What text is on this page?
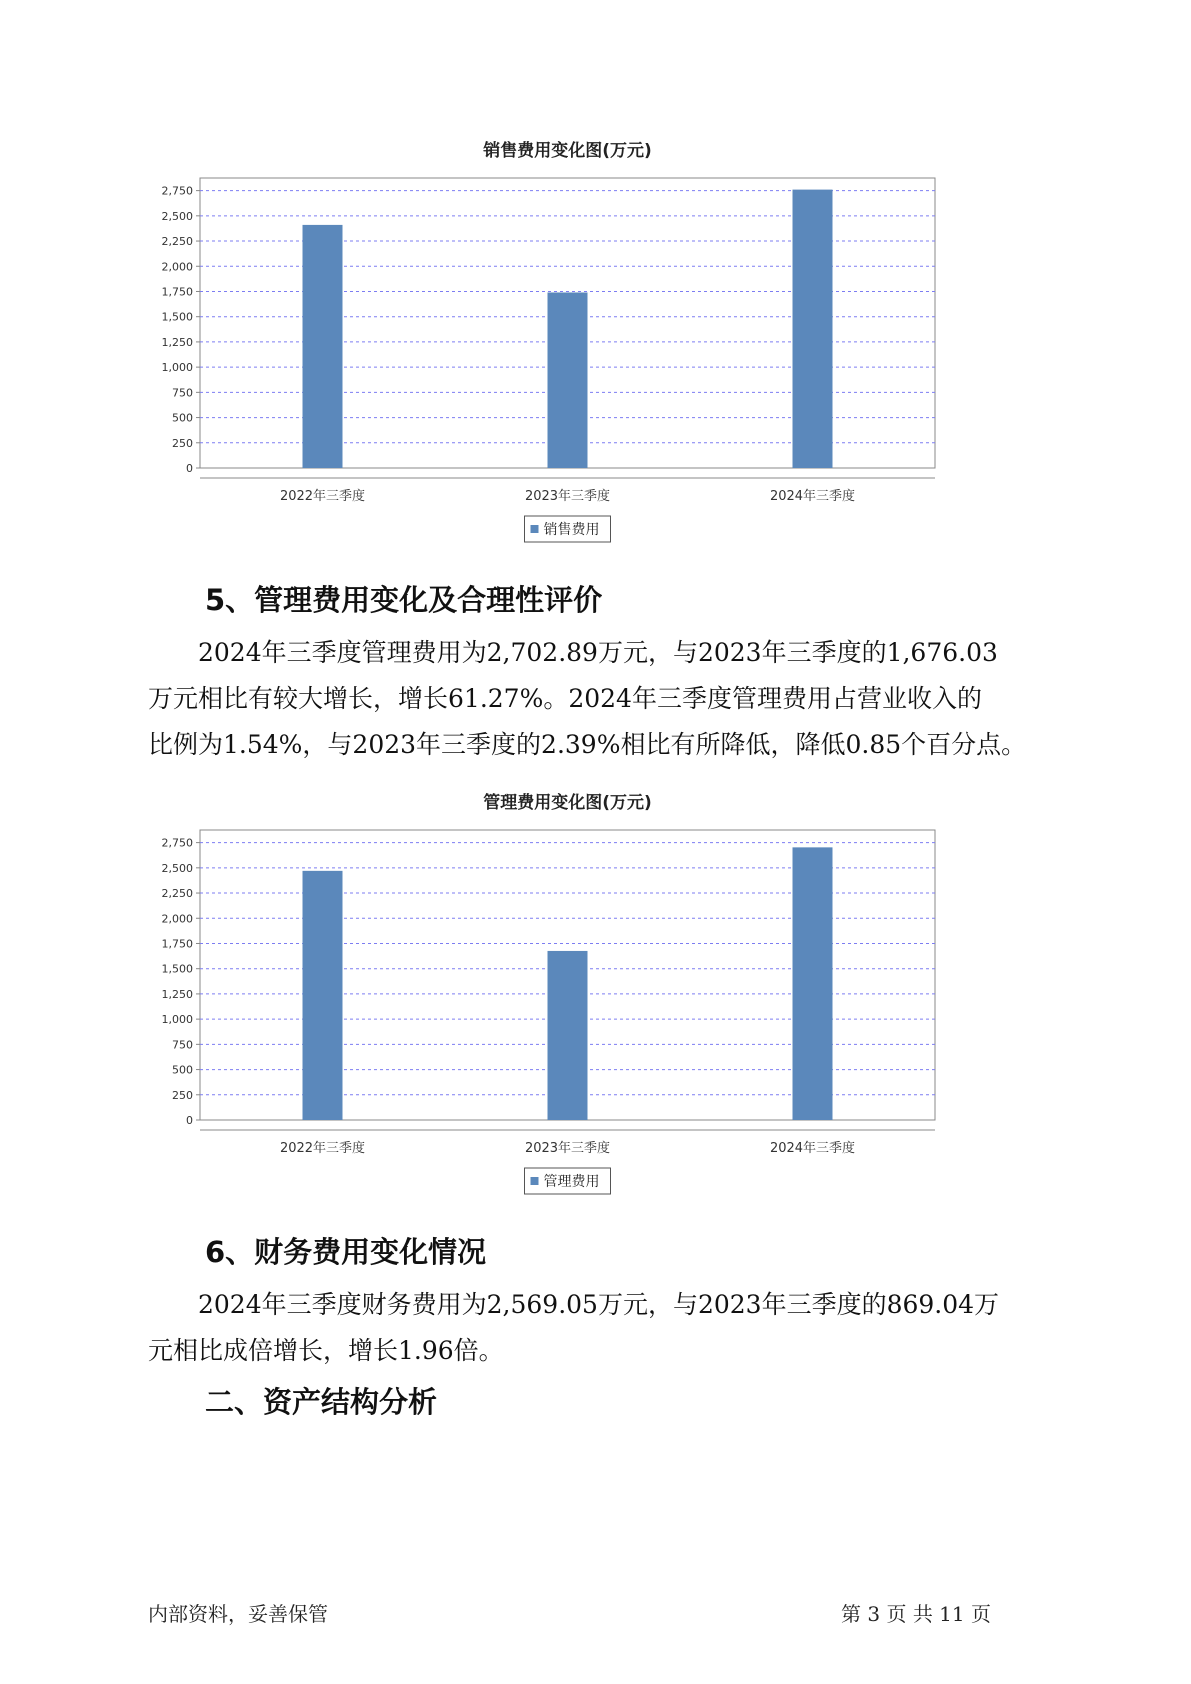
销售费用变化图(万元)
0
250
500
750
1,000
1,250
1,500
1,750
2,000
2,250
2,500
2,750
2022年三季度	2023年三季度	2024年三季度
销售费用
5、管理费用变化及合理性评价
2024年三季度管理费用为2,702.89万元，与2023年三季度的1,676.03
万元相比有较大增长，增长61.27%。2024年三季度管理费用占营业收入的
比例为1.54%，与2023年三季度的2.39%相比有所降低，降低0.85个百分点。
管理费用变化图(万元)
0
250
500
750
1,000
1,250
1,500
1,750
2,000
2,250
2,500
2,750
2022年三季度	2023年三季度	2024年三季度
管理费用
6、财务费用变化情况
2024年三季度财务费用为2,569.05万元，与2023年三季度的869.04万
元相比成倍增长，增长1.96倍。
二、资产结构分析
内部资料，妥善保管	第 3 页 共 11 页
